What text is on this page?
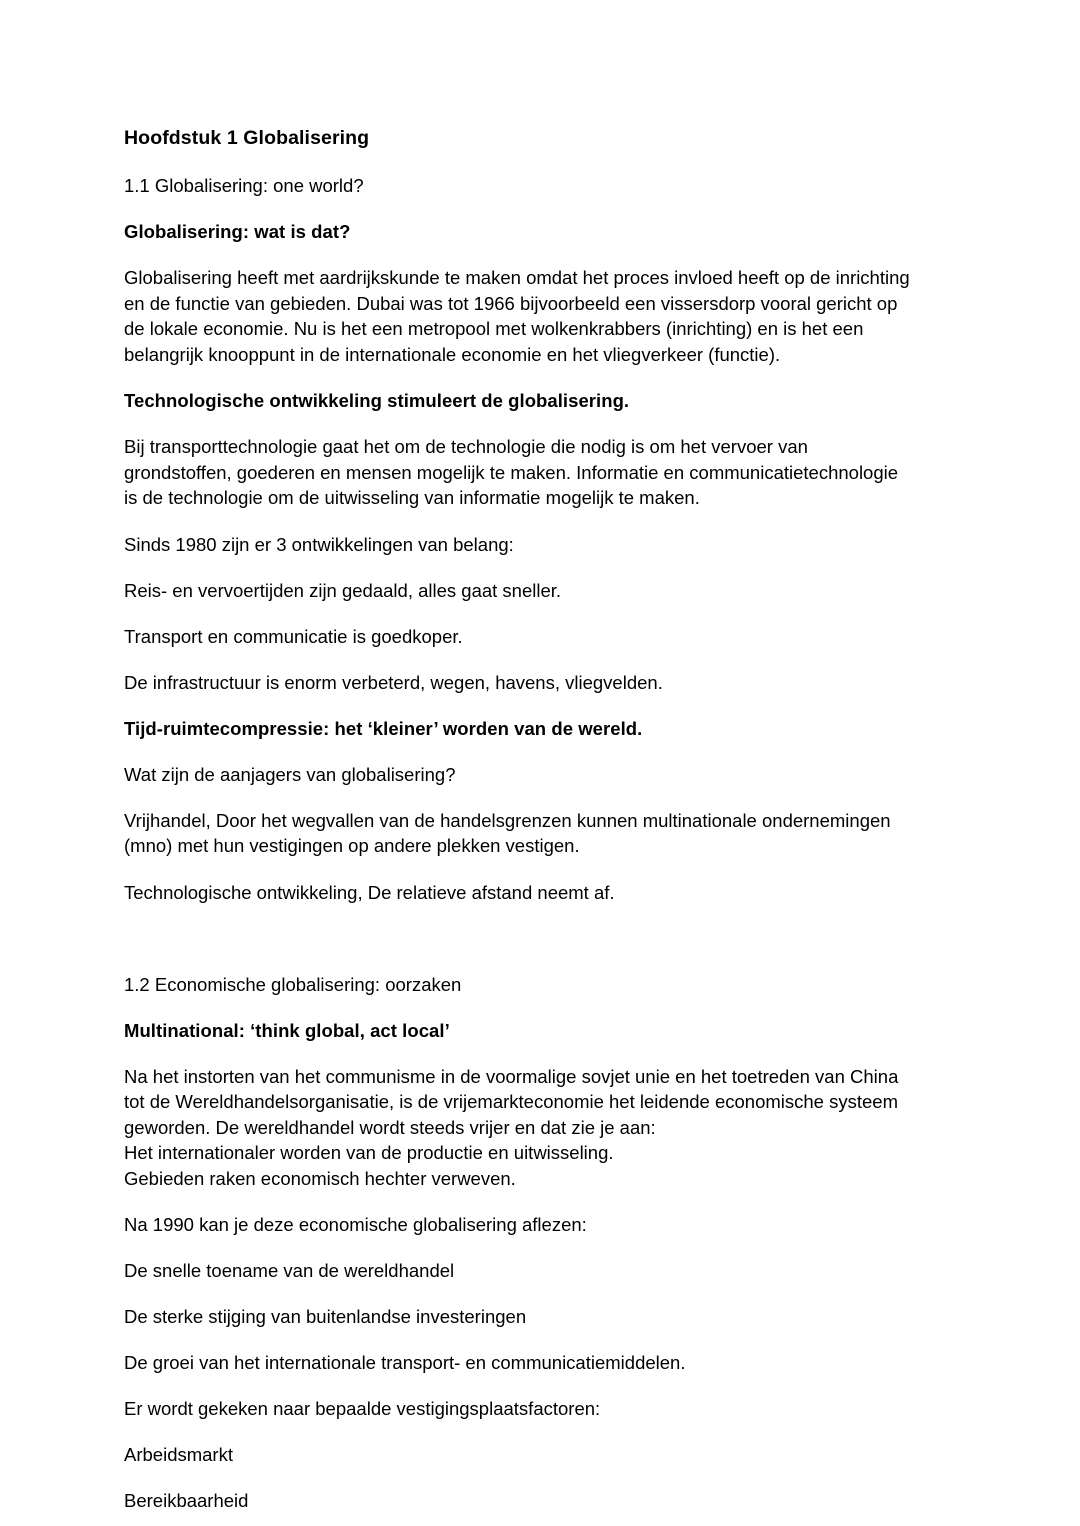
Hoofdstuk 1 Globalisering

1.1 Globalisering: one world?

Globalisering: wat is dat?

Globalisering heeft met aardrijkskunde te maken omdat het proces invloed heeft op de inrichting en de functie van gebieden. Dubai was tot 1966 bijvoorbeeld een vissersdorp vooral gericht op de lokale economie. Nu is het een metropool met wolkenkrabbers (inrichting) en is het een belangrijk knooppunt in de internationale economie en het vliegverkeer (functie).

Technologische ontwikkeling stimuleert de globalisering.

Bij transporttechnologie gaat het om de technologie die nodig is om het vervoer van grondstoffen, goederen en mensen mogelijk te maken. Informatie en communicatietechnologie is de technologie om de uitwisseling van informatie mogelijk te maken.

Sinds 1980 zijn er 3 ontwikkelingen van belang:

Reis- en vervoertijden zijn gedaald, alles gaat sneller.

Transport en communicatie is goedkoper.

De infrastructuur is enorm verbeterd, wegen, havens, vliegvelden.

Tijd-ruimtecompressie: het ‘kleiner’ worden van de wereld.

Wat zijn de aanjagers van globalisering?

Vrijhandel, Door het wegvallen van de handelsgrenzen kunnen multinationale ondernemingen (mno) met hun vestigingen op andere plekken vestigen.

Technologische ontwikkeling, De relatieve afstand neemt af.

1.2 Economische globalisering: oorzaken

Multinational: ‘think global, act local’

Na het instorten van het communisme in de voormalige sovjet unie en het toetreden van China tot de Wereldhandelsorganisatie, is de vrijemarkteconomie het leidende economische systeem geworden. De wereldhandel wordt steeds vrijer en dat zie je aan:
Het internationaler worden van de productie en uitwisseling.
Gebieden raken economisch hechter verweven.

Na 1990 kan je deze economische globalisering aflezen:

De snelle toename van de wereldhandel

De sterke stijging van buitenlandse investeringen

De groei van het internationale transport- en communicatiemiddelen.

Er wordt gekeken naar bepaalde vestigingsplaatsfactoren:

Arbeidsmarkt

Bereikbaarheid
